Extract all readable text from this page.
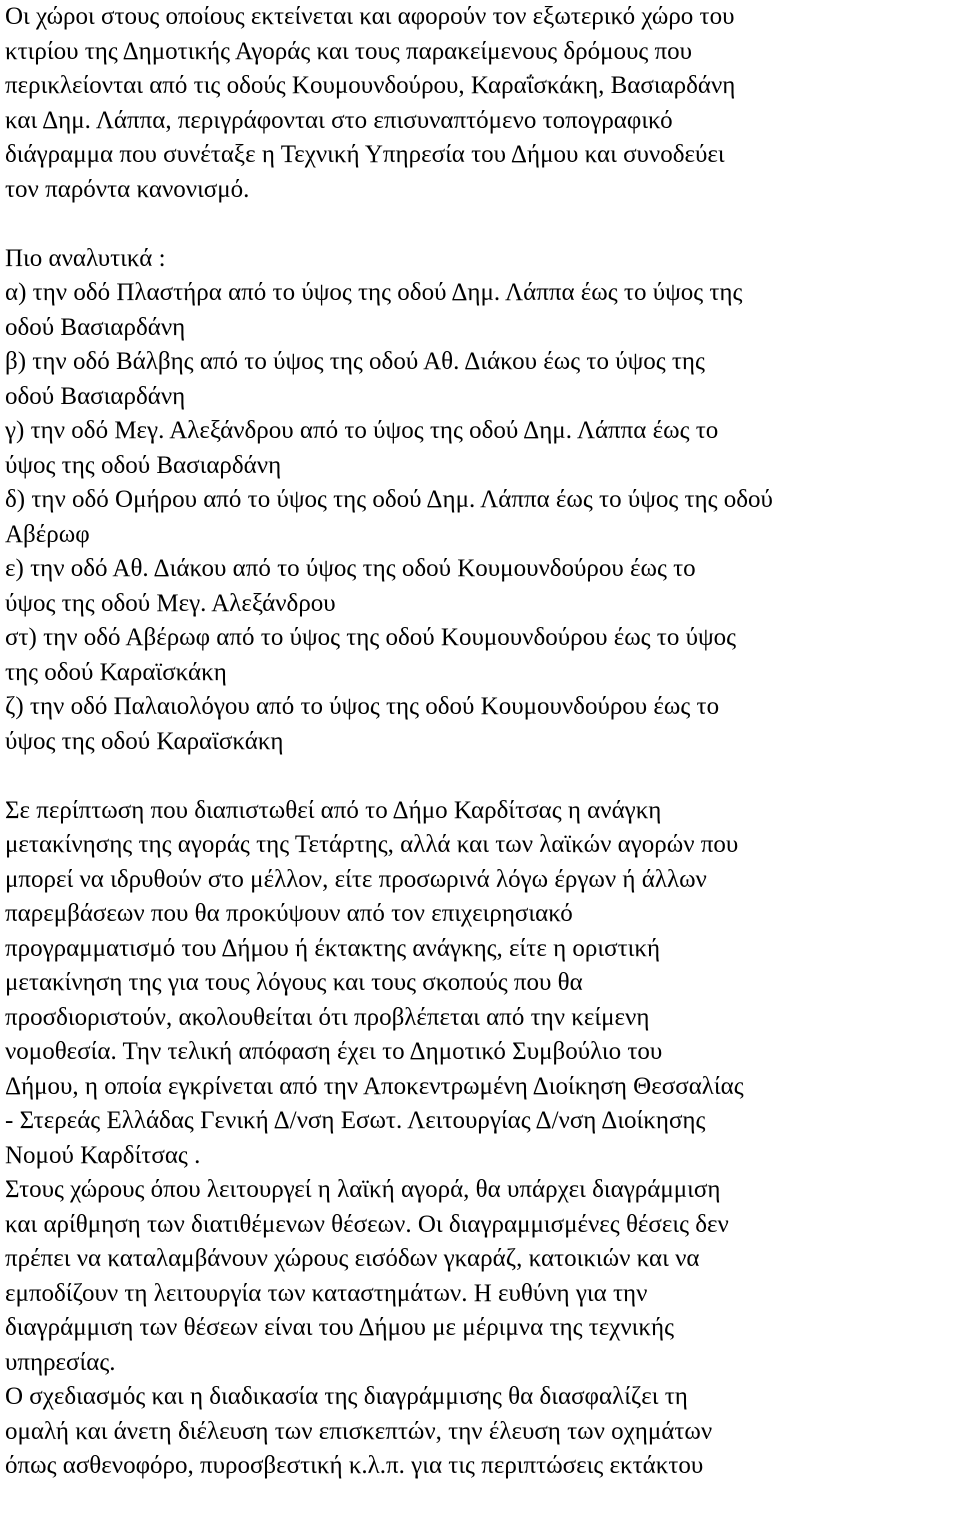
Οι χώροι στους οποίους εκτείνεται και αφορούν τον εξωτερικό χώρο του
κτιρίου της Δημοτικής Αγοράς και τους παρακείμενους δρόμους που
περικλείονται από τις οδούς Κουμουνδούρου, Καραΐσκάκη, Βασιαρδάνη
και Δημ. Λάππα, περιγράφονται στο επισυναπτόμενο τοπογραφικό
διάγραμμα που συνέταξε η Τεχνική Υπηρεσία του Δήμου και συνοδεύει
τον παρόντα κανονισμό.
Πιο αναλυτικά :
α) την οδό Πλαστήρα από το ύψος της οδού Δημ. Λάππα έως το ύψος της
οδού Βασιαρδάνη
β) την οδό Βάλβης από το ύψος της οδού Αθ. Διάκου έως το ύψος της
οδού Βασιαρδάνη
γ) την οδό Μεγ. Αλεξάνδρου από το ύψος της οδού Δημ. Λάππα έως το
ύψος της οδού Βασιαρδάνη
δ) την οδό Ομήρου από το ύψος της οδού Δημ. Λάππα έως το ύψος της οδού
Αβέρωφ
ε) την οδό Αθ. Διάκου από το ύψος της οδού Κουμουνδούρου έως το
ύψος της οδού Μεγ. Αλεξάνδρου
στ) την οδό Αβέρωφ από το ύψος της οδού Κουμουνδούρου έως το ύψος
της οδού Καραϊσκάκη
ζ) την οδό Παλαιολόγου από το ύψος της οδού Κουμουνδούρου έως το
ύψος της οδού Καραϊσκάκη
Σε περίπτωση που διαπιστωθεί από το Δήμο Καρδίτσας η ανάγκη
μετακίνησης της αγοράς της Τετάρτης, αλλά και των λαϊκών αγορών που
μπορεί να ιδρυθούν στο μέλλον, είτε προσωρινά λόγω έργων ή άλλων
παρεμβάσεων που θα προκύψουν από τον επιχειρησιακό
προγραμματισμό του Δήμου ή έκτακτης ανάγκης, είτε η οριστική
μετακίνηση της για τους λόγους και τους σκοπούς που θα
προσδιοριστούν, ακολουθείται ότι προβλέπεται από την κείμενη
νομοθεσία. Την τελική απόφαση έχει το Δημοτικό Συμβούλιο του
Δήμου, η οποία εγκρίνεται από την Αποκεντρωμένη Διοίκηση Θεσσαλίας
- Στερεάς Ελλάδας Γενική Δ/νση Εσωτ. Λειτουργίας Δ/νση Διοίκησης
Νομού Καρδίτσας .
Στους χώρους όπου λειτουργεί η λαϊκή αγορά, θα υπάρχει διαγράμμιση
και αρίθμηση των διατιθέμενων θέσεων. Οι διαγραμμισμένες θέσεις δεν
πρέπει να καταλαμβάνουν χώρους εισόδων γκαράζ, κατοικιών και να
εμποδίζουν τη λειτουργία των καταστημάτων. Η ευθύνη για την
διαγράμμιση των θέσεων είναι του Δήμου με μέριμνα της τεχνικής
υπηρεσίας.
Ο σχεδιασμός και η διαδικασία της διαγράμμισης θα διασφαλίζει τη
ομαλή και άνετη διέλευση των επισκεπτών, την έλευση των οχημάτων
όπως ασθενοφόρο, πυροσβεστική κ.λ.π. για τις περιπτώσεις εκτάκτου
